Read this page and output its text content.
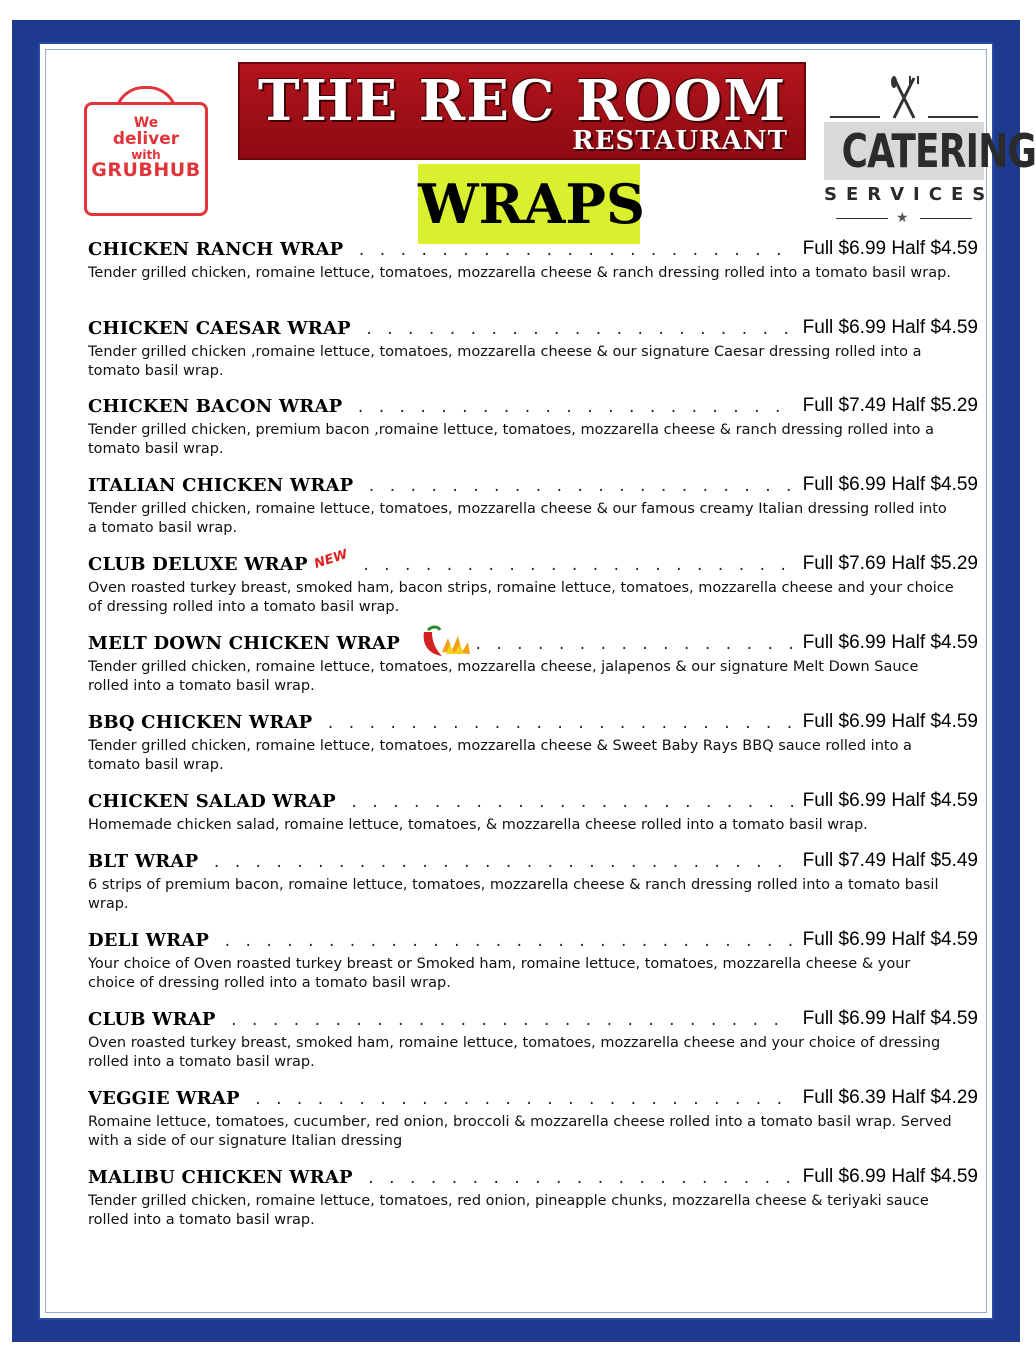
We
deliver
with
GRUBHUB
THE REC ROOM
RESTAURANT
WRAPS
CATERING
SERVICES
★
CHICKEN RANCH WRAP . . .	Full $6.99 Half $4.59
Tender grilled chicken, romaine lettuce, tomatoes, mozzarella cheese & ranch dressing rolled into a tomato basil wrap.
CHICKEN CAESAR WRAP . . .	Full $6.99 Half $4.59
Tender grilled chicken ,romaine lettuce, tomatoes, mozzarella cheese & our signature Caesar dressing rolled into a tomato basil wrap.
CHICKEN BACON WRAP . . .	Full $7.49 Half $5.29
Tender grilled chicken, premium bacon ,romaine lettuce, tomatoes, mozzarella cheese & ranch dressing rolled into a tomato basil wrap.
ITALIAN CHICKEN WRAP . . .	Full $6.99 Half $4.59
Tender grilled chicken, romaine lettuce, tomatoes, mozzarella cheese & our famous creamy Italian dressing rolled into a tomato basil wrap.
CLUB DELUXE WRAP NEW . . .	Full $7.69 Half $5.29
Oven roasted turkey breast, smoked ham, bacon strips, romaine lettuce, tomatoes, mozzarella cheese and your choice of dressing rolled into a tomato basil wrap.
MELT DOWN CHICKEN WRAP . . .	Full $6.99 Half $4.59
Tender grilled chicken, romaine lettuce, tomatoes, mozzarella cheese, jalapenos & our signature Melt Down Sauce rolled into a tomato basil wrap.
BBQ CHICKEN WRAP . . .	Full $6.99 Half $4.59
Tender grilled chicken, romaine lettuce, tomatoes, mozzarella cheese & Sweet Baby Rays BBQ sauce rolled into a tomato basil wrap.
CHICKEN SALAD WRAP . . .	Full $6.99 Half $4.59
Homemade chicken salad, romaine lettuce, tomatoes, & mozzarella cheese rolled into a tomato basil wrap.
BLT WRAP . . .	Full $7.49 Half $5.49
6 strips of premium bacon, romaine lettuce, tomatoes, mozzarella cheese & ranch dressing rolled into a tomato basil wrap.
DELI WRAP . . .	Full $6.99 Half $4.59
Your choice of Oven roasted turkey breast or Smoked ham, romaine lettuce, tomatoes, mozzarella cheese & your choice of dressing rolled into a tomato basil wrap.
CLUB WRAP . . .	Full $6.99 Half $4.59
Oven roasted turkey breast, smoked ham, romaine lettuce, tomatoes, mozzarella cheese and your choice of dressing rolled into a tomato basil wrap.
VEGGIE WRAP . . .	Full $6.39 Half $4.29
Romaine lettuce, tomatoes, cucumber, red onion, broccoli & mozzarella cheese rolled into a tomato basil wrap. Served with a side of our signature Italian dressing
MALIBU CHICKEN WRAP . . .	Full $6.99 Half $4.59
Tender grilled chicken, romaine lettuce, tomatoes, red onion, pineapple chunks, mozzarella cheese & teriyaki sauce rolled into a tomato basil wrap.
